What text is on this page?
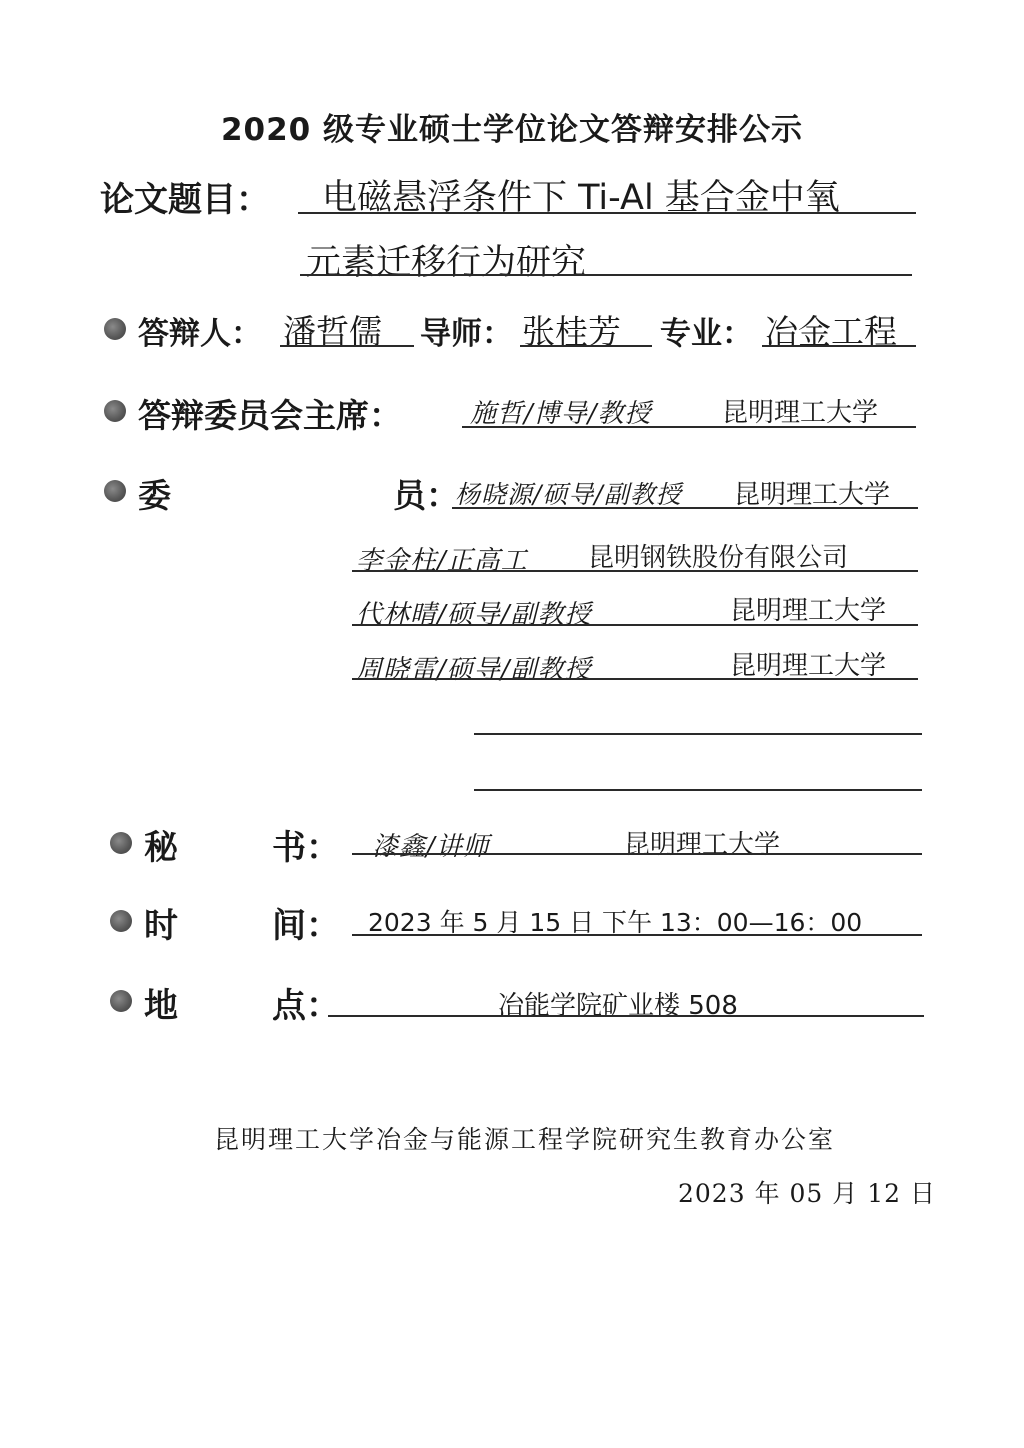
2020 级专业硕士学位论文答辩安排公示
论文题目： 电磁悬浮条件下 Ti-Al 基合金中氧
元素迁移行为研究
答辩人： 潘哲儒 导师： 张桂芳 专业： 冶金工程
答辩委员会主席：	施哲/博导/教授	昆明理工大学
委	员：
杨晓源/硕导/副教授 昆明理工大学
李金柱/正高工 昆明钢铁股份有限公司
代林晴/硕导/副教授	昆明理工大学
周晓雷/硕导/副教授	昆明理工大学
秘	书： 漆鑫/讲师	昆明理工大学
时	间： 2023 年 5 月 15 日 下午 13：00—16：00
地	点：	冶能学院矿业楼 508
昆明理工大学冶金与能源工程学院研究生教育办公室
2023 年 05 月 12 日
